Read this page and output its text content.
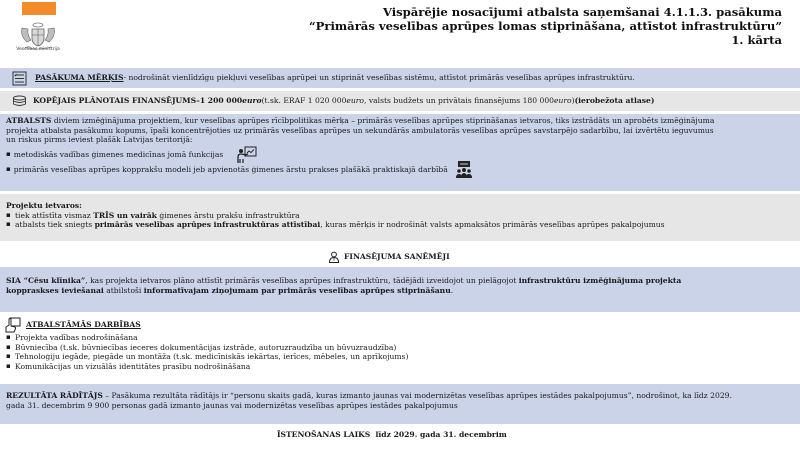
Veselības ministrija
Vispārējie nosacījumi atbalsta saņemšanai 4.1.1.3. pasākuma
“Primārās veselības aprūpes lomas stiprināšana, attīstot infrastruktūru”
1. kārta
PASĀKUMA MĒRĶIS - nodrošināt vienlīdzīgu piekļuvi veselības aprūpei un stiprināt veselības sistēmu, attīstot primārās veselības aprūpes infrastruktūru.
KOPĒJAIS PLĀNOTAIS FINANSĒJUMS – 1 200 000 euro (t.sk. ERAF 1 020 000 euro , valsts budžets un privātais finansējums 180 000 euro ) (ierobežota atlase)
ATBALSTS diviem izmēģinājuma projektiem, kur veselības aprūpes rīcībpolitikas mērķa – primārās veselības aprūpes stiprināšanas ietvaros, tiks izstrādāts un aprobēts izmēģinājuma
projekta atbalsta pasākumu kopums, īpaši koncentrējoties uz primārās veselības aprūpes un sekundārās ambulatorās veselības aprūpes savstarpējo sadarbību, lai izvērtētu ieguvumus
un riskus pirms ieviest plašāk Latvijas teritorijā:
▪ metodiskās vadības ģimenes medicīnas jomā funkcijas
▪ primārās veselības aprūpes kopprakšu modeli jeb apvienotās ģimenes ārstu prakses plašākā praktiskajā darbībā
Projektu ietvaros:
▪ tiek attīstīta vismaz TRĪS un vairāk ģimenes ārstu prakšu infrastruktūra
▪ atbalsts tiek sniegts primārās veselības aprūpes infrastruktūras attīstībai, kuras mērķis ir nodrošināt valsts apmaksātos primārās veselības aprūpes pakalpojumus
FINASĒJUMA SAŅĒMĒJI
SIA “Cēsu klīnika”, kas projekta ietvaros plāno attīstīt primārās veselības aprūpes infrastruktūru, tādējādi izveidojot un pielāgojot infrastruktūru izmēģinājuma projekta
koppraskses ieviešanai atbilstoši informatīvajam ziņojumam par primārās veselības aprūpes stiprināšanu.
ATBALSTĀMĀS DARBĪBAS
▪ Projekta vadības nodrošināšana
▪ Būvniecība (t.sk. būvniecības ieceres dokumentācijas izstrāde, autoruzraudzība un būvuzraudzība)
▪ Tehnoloģiju iegāde, piegāde un montāža (t.sk. medicīniskās iekārtas, ierīces, mēbeles, un aprīkojums)
▪ Komunikācijas un vizuālās identitātes prasību nodrošināšana
REZULTĀTA RĀDĪTĀJS – Pasākuma rezultāta rādītājs ir “personu skaits gadā, kuras izmanto jaunas vai modernizētas veselības aprūpes iestādes pakalpojumus”, nodrošinot, ka līdz 2029.
gada 31. decembrim 9 900 personas gadā izmanto jaunas vai modernizētas veselības aprūpes iestādes pakalpojumus
ĪSTENOŠANAS LAIKS līdz 2029. gada 31. decembrim
